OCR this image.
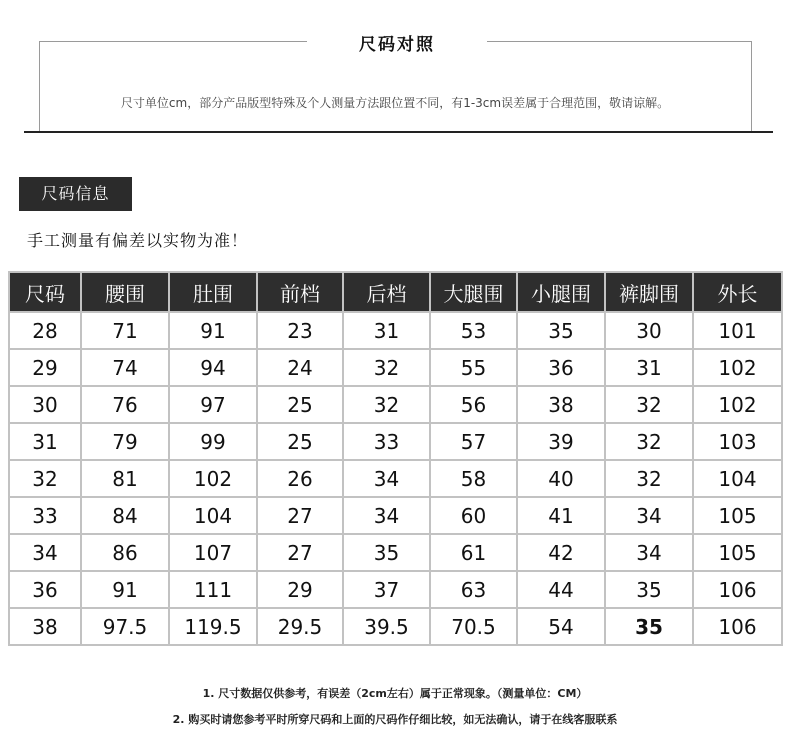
尺码对照
尺寸单位cm，部分产品版型特殊及个人测量方法跟位置不同，有1-3cm误差属于合理范围，敬请谅解。
尺码信息
手工测量有偏差以实物为准！
尺码	腰围	肚围	前档	后档	大腿围	小腿围	裤脚围	外长
28	71	91	23	31	53	35	30	101
29	74	94	24	32	55	36	31	102
30	76	97	25	32	56	38	32	102
31	79	99	25	33	57	39	32	103
32	81	102	26	34	58	40	32	104
33	84	104	27	34	60	41	34	105
34	86	107	27	35	61	42	34	105
36	91	111	29	37	63	44	35	106
38	97.5	119.5	29.5	39.5	70.5	54	35	106
1. 尺寸数据仅供参考，有误差（2cm左右）属于正常现象。（测量单位：CM）
2. 购买时请您参考平时所穿尺码和上面的尺码作仔细比较，如无法确认，请于在线客服联系
